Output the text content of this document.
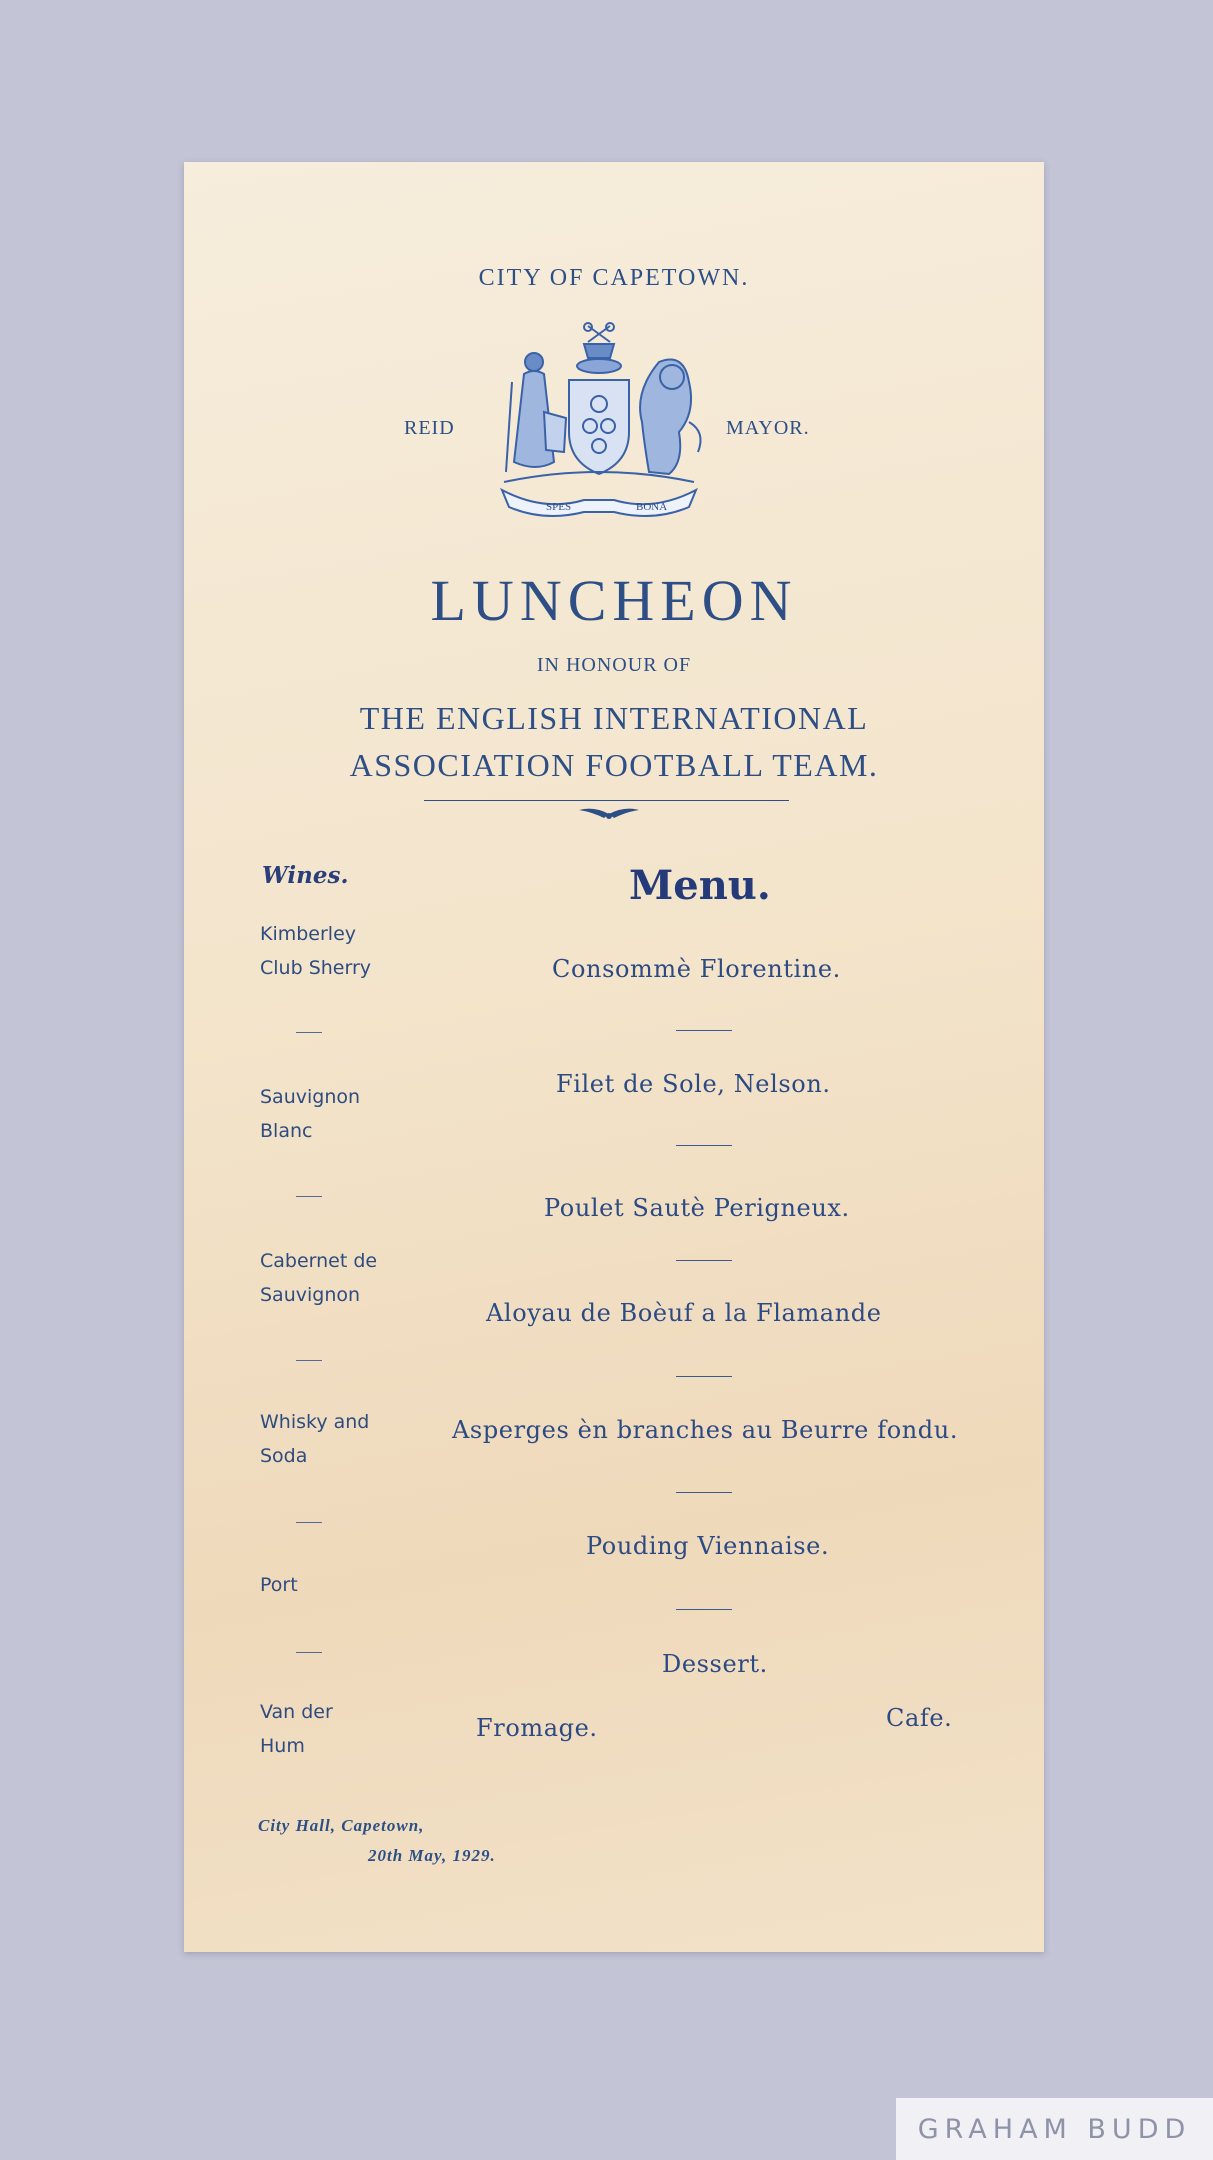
CITY OF CAPETOWN.
REID	MAYOR.
SPES	BONA
LUNCHEON
IN HONOUR OF
THE ENGLISH INTERNATIONAL
ASSOCIATION FOOTBALL TEAM.
Wines.	Menu.
Kimberley
Club Sherry
Sauvignon
Blanc
Cabernet de
Sauvignon
Whisky and
Soda
Port
Van der
Hum
Consommè Florentine.
Filet de Sole, Nelson.
Poulet Sautè Perigneux.
Aloyau de Boèuf a la Flamande
Asperges èn branches au Beurre fondu.
Pouding Viennaise.
Dessert.
Fromage.	Cafe.
City Hall, Capetown,
20th May, 1929.
GRAHAM BUDD
